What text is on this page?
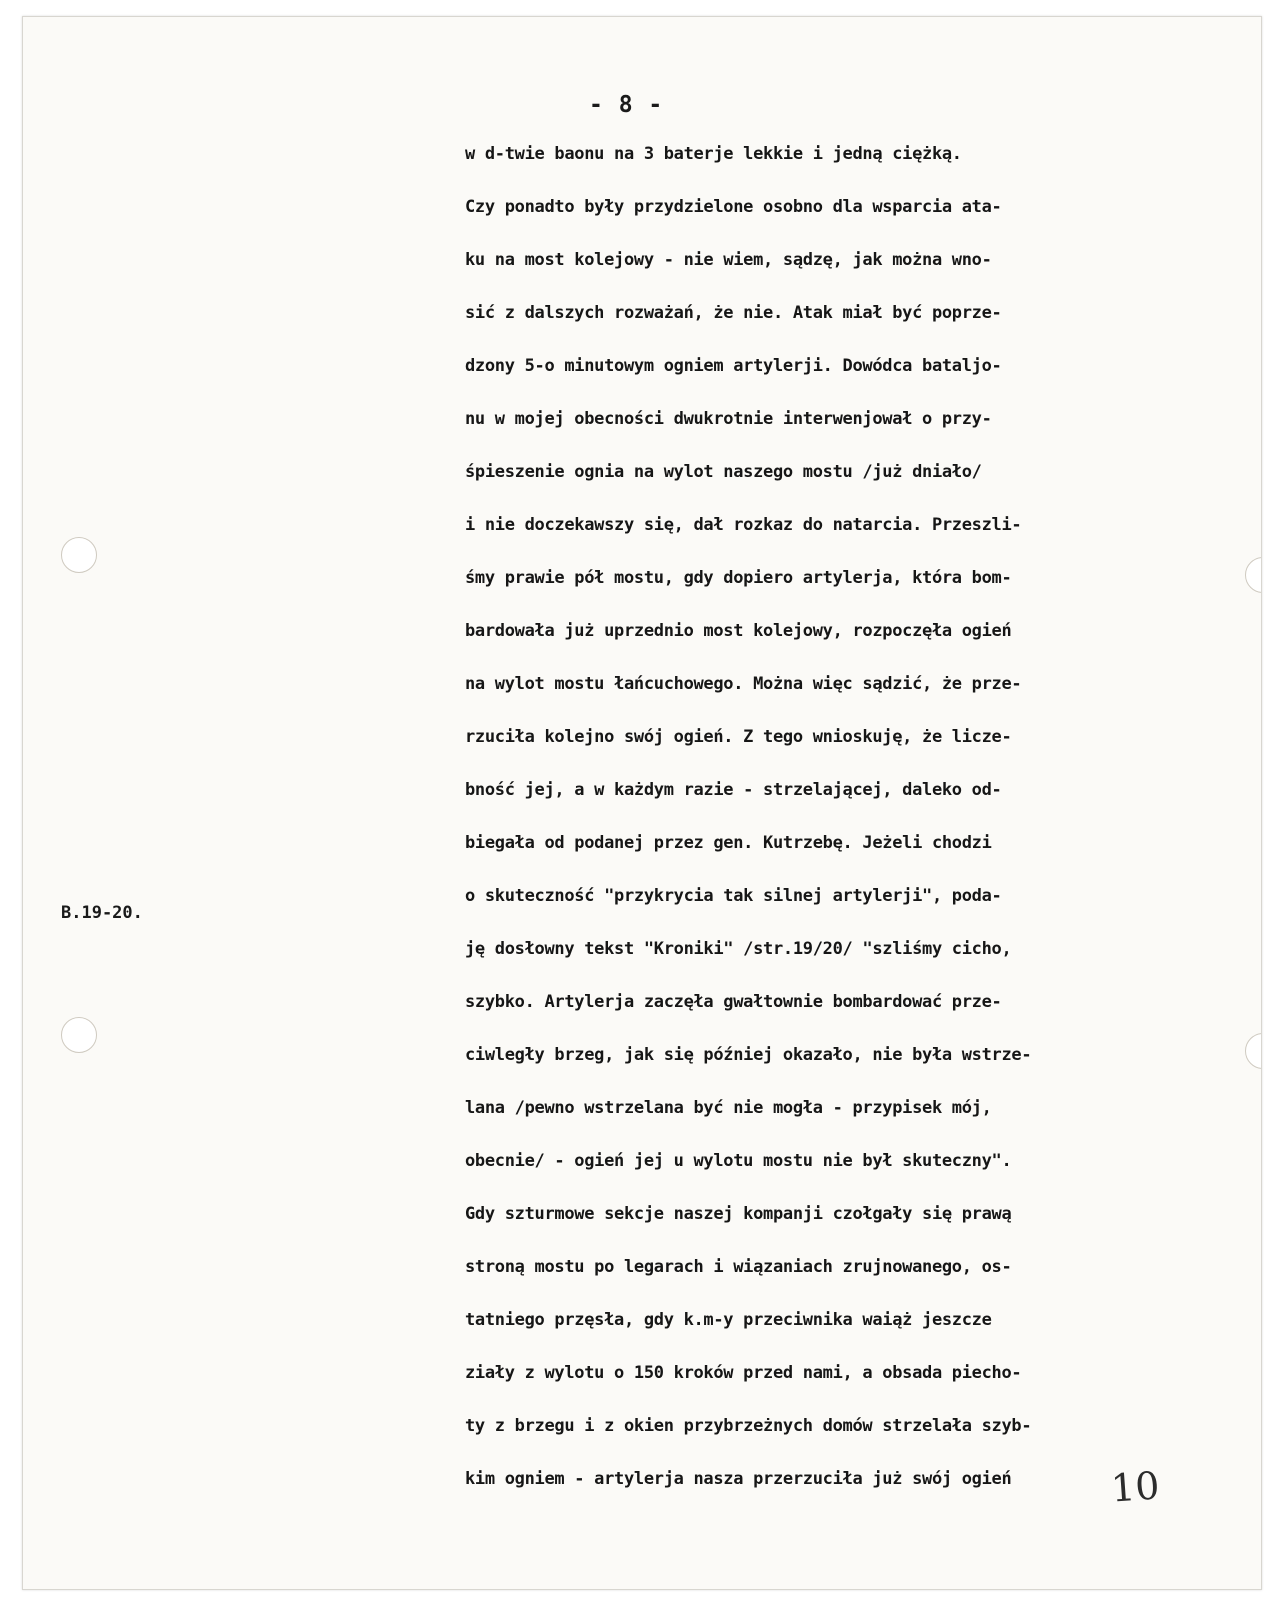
- 8 -
B.19-20.
w d-twie baonu na 3 baterje lekkie i jedną ciężką.
Czy ponadto były przydzielone osobno dla wsparcia ata-
ku na most kolejowy - nie wiem, sądzę, jak można wno-
sić z dalszych rozważań, że nie. Atak miał być poprze-
dzony 5-o minutowym ogniem artylerji. Dowódca batalјo-
nu w mojej obecności dwukrotnie interwenjował o przy-
śpieszenie ognia na wylot naszego mostu /już dniało/
i nie doczekawszy się, dał rozkaz do natarcia. Przeszli-
śmy prawie pół mostu, gdy dopiero artylerja, która bom-
bardowała już uprzednio most kolejowy, rozpoczęła ogień
na wylot mostu łańcuchowego. Można więc sądzić, że prze-
rzuciła kolejno swój ogień. Z tego wnioskuję, że liczе-
bność jej, a w każdym razie - strzelającej, daleko od-
biegała od podanej przez gen. Kutrzebę. Jeżeli chodzi
o skuteczność "przykrycia tak silnej artylerji", poda-
ję dosłowny tekst "Kroniki" /str.19/20/ "szliśmy cicho,
szybko. Artylerja zaczęła gwałtownie bombardować prze-
ciwległy brzeg, jak się później okazało, nie była wstrze-
lana /pewno wstrzelana być nie mogła - przypisek mój,
obecnie/ - ogień jej u wylotu mostu nie był skuteczny".
Gdy szturmowe sekcje naszej kompanji czołgały się prawą
stroną mostu po legarach i wiązaniach zrujnowanego, os-
tatniego przęsła, gdy k.m-y przeciwnika waiąż jeszcze
ziały z wylotu o 150 kroków przed nami, a obsada piecho-
ty z brzegu i z okien przybrzeżnych domów strzelała szyb-
kim ogniem - artylerja nasza przerzuciła już swój ogień	10
